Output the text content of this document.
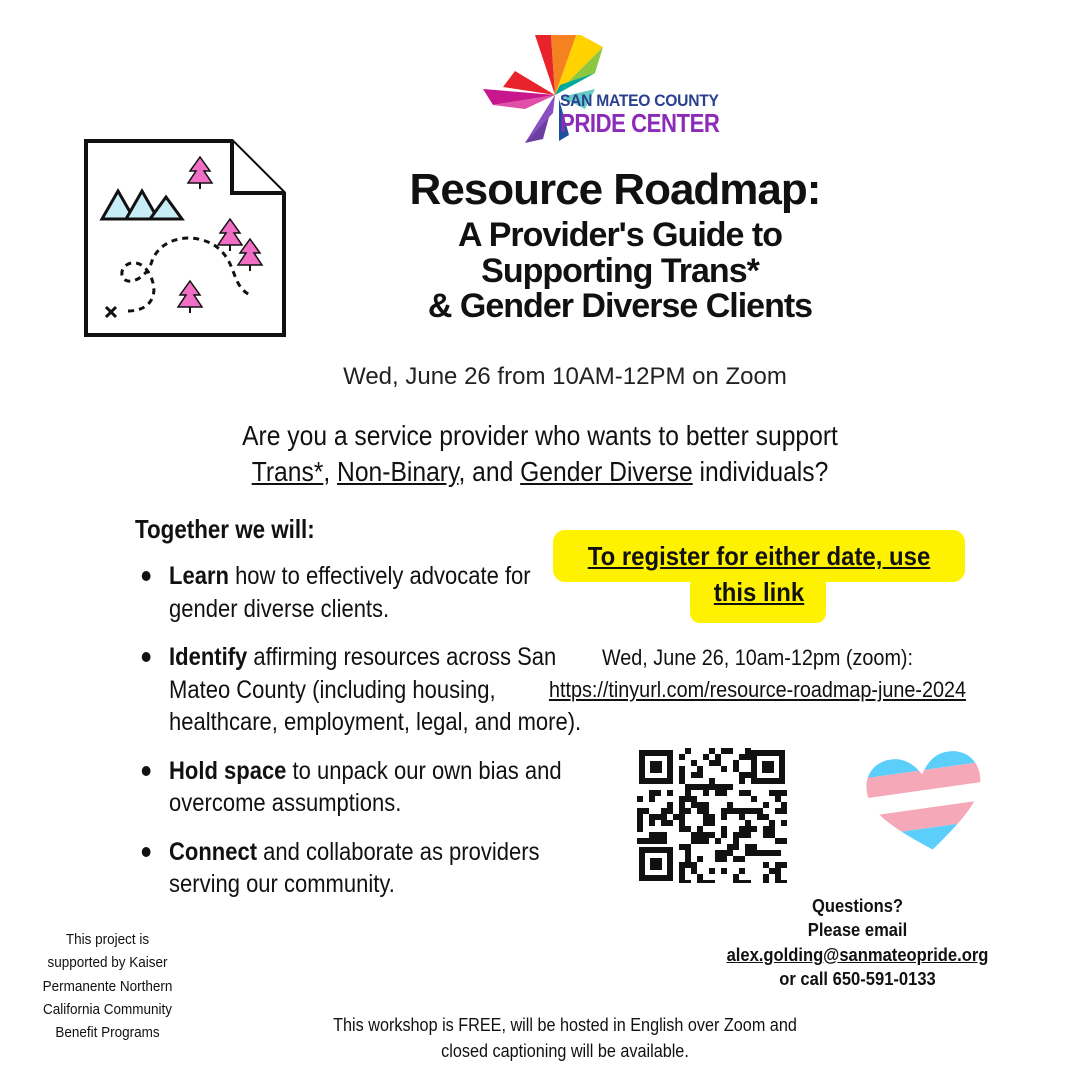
SAN MATEO COUNTY
PRIDE CENTER
Resource Roadmap:
A Provider's Guide to
Supporting Trans*
& Gender Diverse Clients
Wed, June 26 from 10AM-12PM on Zoom
Are you a service provider who wants to better support
Trans*, Non-Binary, and Gender Diverse individuals?
Together we will:
Learn how to effectively advocate for gender diverse clients.
Identify affirming resources across San Mateo County (including housing, healthcare, employment, legal, and more).
Hold space to unpack our own bias and overcome assumptions.
Connect and collaborate as providers serving our community.
This project is supported by Kaiser Permanente Northern California Community Benefit Programs
To register for either date, use this link
Wed, June 26, 10am-12pm (zoom):
https://tinyurl.com/resource-roadmap-june-2024
Questions?
Please email
alex.golding@sanmateopride.org
or call 650-591-0133
This workshop is FREE, will be hosted in English over Zoom and closed captioning will be available.
